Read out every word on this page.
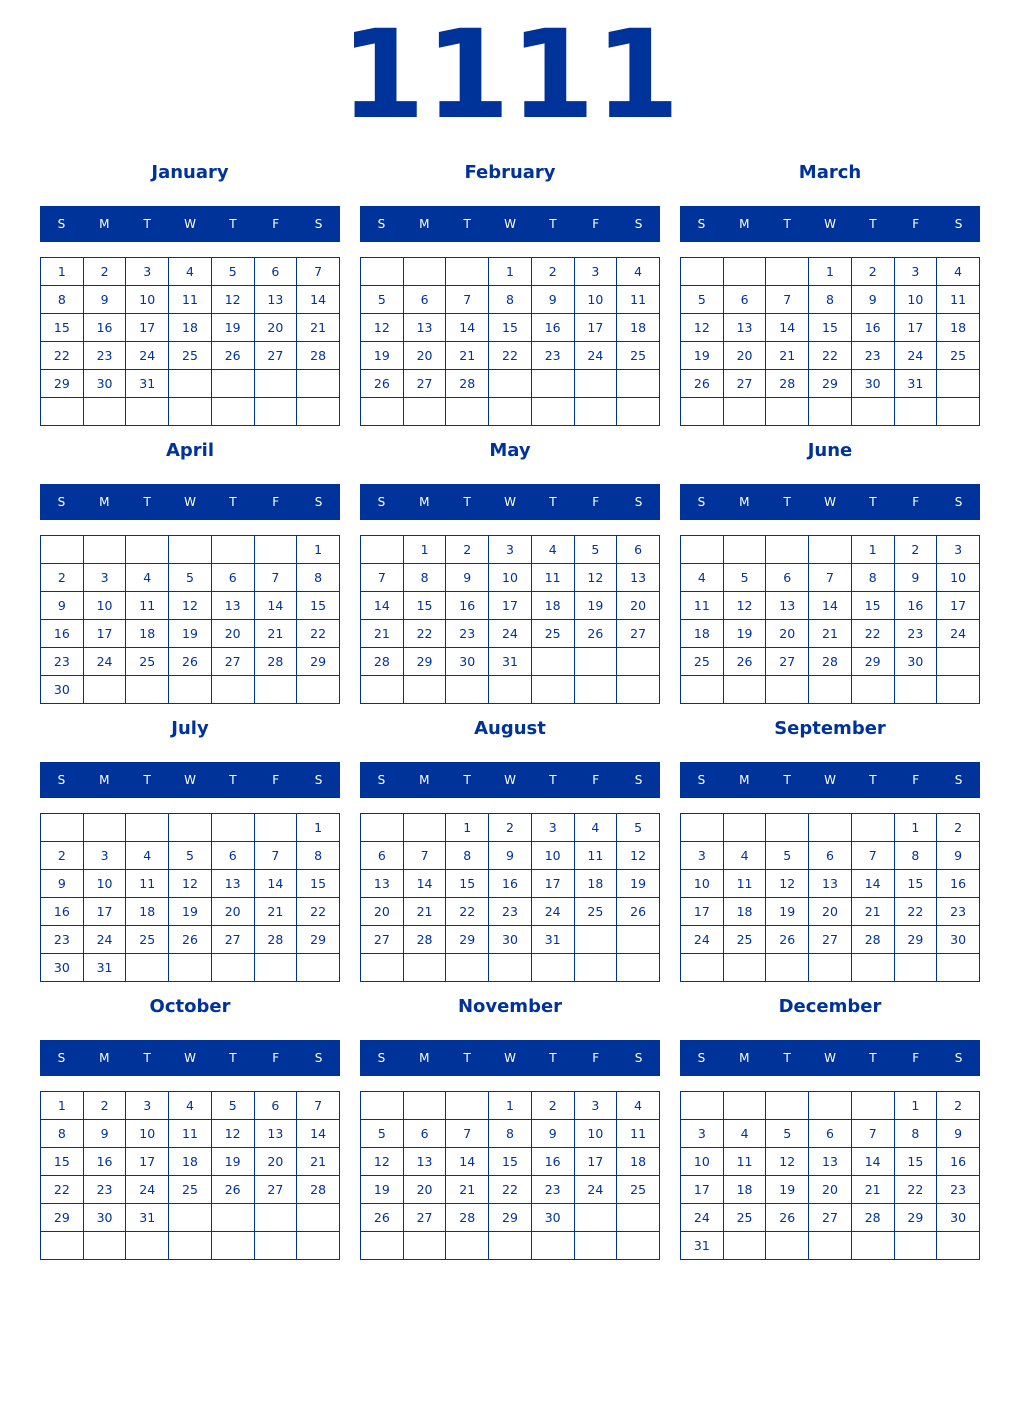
1111
January
S	M	T	W	T	F	S
1	2	3	4	5	6	7
8	9	10	11	12	13	14
15	16	17	18	19	20	21
22	23	24	25	26	27	28
29	30	31				

February
S	M	T	W	T	F	S
			1	2	3	4
5	6	7	8	9	10	11
12	13	14	15	16	17	18
19	20	21	22	23	24	25
26	27	28				

March
S	M	T	W	T	F	S
			1	2	3	4
5	6	7	8	9	10	11
12	13	14	15	16	17	18
19	20	21	22	23	24	25
26	27	28	29	30	31	

April
S	M	T	W	T	F	S
						1
2	3	4	5	6	7	8
9	10	11	12	13	14	15
16	17	18	19	20	21	22
23	24	25	26	27	28	29
30						
May
S	M	T	W	T	F	S
	1	2	3	4	5	6
7	8	9	10	11	12	13
14	15	16	17	18	19	20
21	22	23	24	25	26	27
28	29	30	31			

June
S	M	T	W	T	F	S
				1	2	3
4	5	6	7	8	9	10
11	12	13	14	15	16	17
18	19	20	21	22	23	24
25	26	27	28	29	30	

July
S	M	T	W	T	F	S
						1
2	3	4	5	6	7	8
9	10	11	12	13	14	15
16	17	18	19	20	21	22
23	24	25	26	27	28	29
30	31					
August
S	M	T	W	T	F	S
		1	2	3	4	5
6	7	8	9	10	11	12
13	14	15	16	17	18	19
20	21	22	23	24	25	26
27	28	29	30	31		

September
S	M	T	W	T	F	S
					1	2
3	4	5	6	7	8	9
10	11	12	13	14	15	16
17	18	19	20	21	22	23
24	25	26	27	28	29	30

October
S	M	T	W	T	F	S
1	2	3	4	5	6	7
8	9	10	11	12	13	14
15	16	17	18	19	20	21
22	23	24	25	26	27	28
29	30	31				

November
S	M	T	W	T	F	S
			1	2	3	4
5	6	7	8	9	10	11
12	13	14	15	16	17	18
19	20	21	22	23	24	25
26	27	28	29	30		

December
S	M	T	W	T	F	S
					1	2
3	4	5	6	7	8	9
10	11	12	13	14	15	16
17	18	19	20	21	22	23
24	25	26	27	28	29	30
31						
